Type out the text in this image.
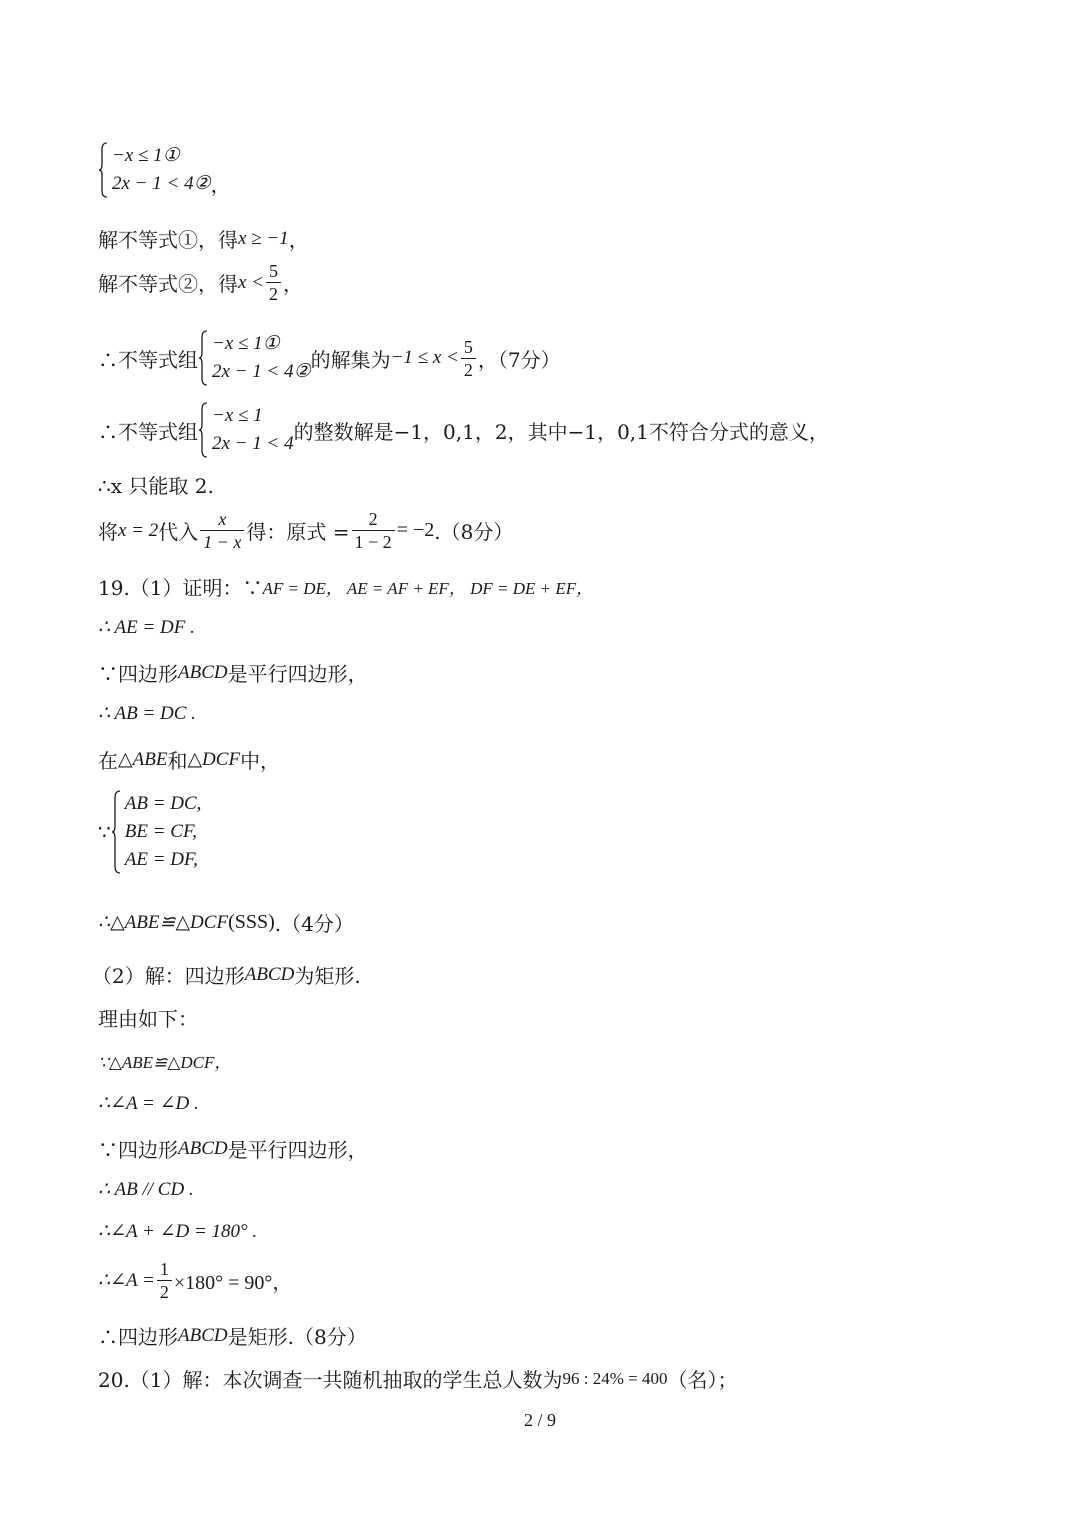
−x ≤ 1①
2x − 1 < 4② ，
解不等式①，得 x ≥ −1 ，
解不等式②，得 $x < \frac{5}{2}$ ，
∴不等式组
−x ≤ 1①
2x − 1 < 4② 的解集为 $-1 \le x < \frac{5}{2}$ ，（7分）
∴不等式组
−x ≤ 1
2x − 1 < 4 的整数解是−1，0,1，2，其中−1，0,1不符合分式的意义，
∴x 只能取 2.
将 x = 2 代入 $\frac{x}{1 - x}$ 得：原式 = $\frac{2}{1 - 2} = -2$ .（8分）
19.（1）证明：∵ AF = DE， AE = AF + EF， DF = DE + EF，
∴ AE = DF .
∵四边形 ABCD 是平行四边形，
∴ AB = DC .
在 △ABE 和 △DCF 中，
∵
AB = DC,
BE = CF,
AE = DF,
∴△ABE≌△DCF (SSS) .（4分）
（2）解：四边形 ABCD 为矩形.
理由如下：
∵△ABE≌△DCF，
∴∠A = ∠D .
∵四边形 ABCD 是平行四边形，
∴ AB // CD .
∴∠A + ∠D = 180° .
∴∠A = $\frac{1}{2} \times 180^\circ = 90^\circ$，
∴四边形 ABCD 是矩形.（8分）
20.（1）解：本次调查一共随机抽取的学生总人数为 96 : 24% = 400 （名）；
2 / 9
